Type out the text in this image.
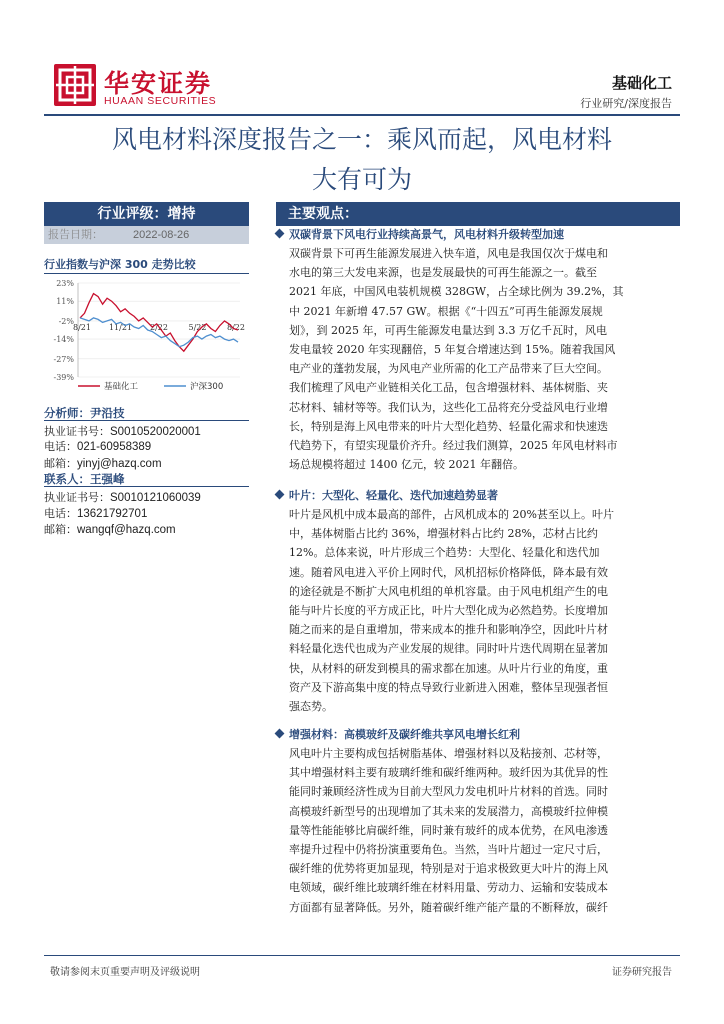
华安证券
HUAAN SECURITIES
基础化工
行业研究/深度报告
风电材料深度报告之一：乘风而起，风电材料
大有可为
行业评级：增持
报告日期：	2022-08-26
行业指数与沪深 300 走势比较
23%
11%
-2%
-14%
-27%
-39%
8/21 11/21 2/22	5/22	8/22
基础化工	沪深300
分析师：尹沿技
执业证书号：S0010520020001
电话：021-60958389
邮箱：yinyj@hazq.com
联系人：王强峰
执业证书号：S0010121060039
电话：13621792701
邮箱：wangqf@hazq.com
主要观点：
双碳背景下风电行业持续高景气，风电材料升级转型加速
双碳背景下可再生能源发展进入快车道，风电是我国仅次于煤电和
水电的第三大发电来源，也是发展最快的可再生能源之一。截至
2021 年底，中国风电装机规模 328GW，占全球比例为 39.2%，其
中 2021 年新增 47.57 GW。根据《“十四五”可再生能源发展规
划》，到 2025 年，可再生能源发电量达到 3.3 万亿千瓦时，风电
发电量较 2020 年实现翻倍，5 年复合增速达到 15%。随着我国风
电产业的蓬勃发展，为风电产业所需的化工产品带来了巨大空间。
我们梳理了风电产业链相关化工品，包含增强材料、基体树脂、夹
芯材料、辅材等等。我们认为，这些化工品将充分受益风电行业增
长，特别是海上风电带来的叶片大型化趋势、轻量化需求和快速迭
代趋势下，有望实现量价齐升。经过我们测算，2025 年风电材料市
场总规模将超过 1400 亿元，较 2021 年翻倍。
叶片：大型化、轻量化、迭代加速趋势显著
叶片是风机中成本最高的部件，占风机成本的 20%甚至以上。叶片
中，基体树脂占比约 36%，增强材料占比约 28%，芯材占比约
12%。总体来说，叶片形成三个趋势：大型化、轻量化和迭代加
速。随着风电进入平价上网时代，风机招标价格降低，降本最有效
的途径就是不断扩大风电机组的单机容量。由于风电机组产生的电
能与叶片长度的平方成正比，叶片大型化成为必然趋势。长度增加
随之而来的是自重增加，带来成本的推升和影响净空，因此叶片材
料轻量化迭代也成为产业发展的规律。同时叶片迭代周期在显著加
快，从材料的研发到模具的需求都在加速。从叶片行业的角度，重
资产及下游高集中度的特点导致行业新进入困难，整体呈现强者恒
强态势。
增强材料：高模玻纤及碳纤维共享风电增长红利
风电叶片主要构成包括树脂基体、增强材料以及粘接剂、芯材等，
其中增强材料主要有玻璃纤维和碳纤维两种。玻纤因为其优异的性
能同时兼顾经济性成为目前大型风力发电机叶片材料的首选。同时
高模玻纤新型号的出现增加了其未来的发展潜力，高模玻纤拉伸模
量等性能能够比肩碳纤维，同时兼有玻纤的成本优势，在风电渗透
率提升过程中仍将扮演重要角色。当然，当叶片超过一定尺寸后，
碳纤维的优势将更加显现，特别是对于追求极致更大叶片的海上风
电领域，碳纤维比玻璃纤维在材料用量、劳动力、运输和安装成本
方面都有显著降低。另外，随着碳纤维产能产量的不断释放，碳纤
敬请参阅末页重要声明及评级说明	证券研究报告
